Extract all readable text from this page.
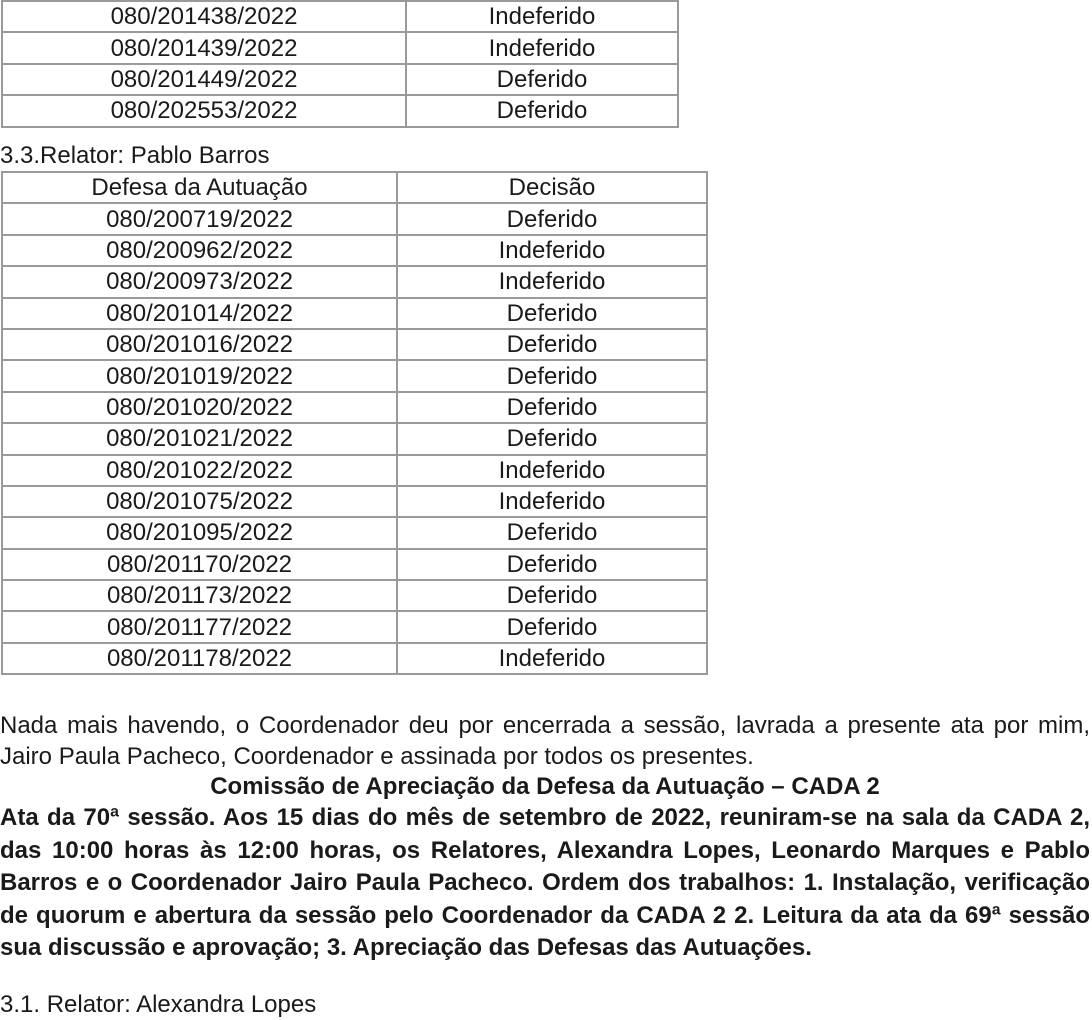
080/201438/2022	Indeferido
080/201439/2022	Indeferido
080/201449/2022	Deferido
080/202553/2022	Deferido
3.3.Relator: Pablo Barros
Defesa da Autuação	Decisão
080/200719/2022	Deferido
080/200962/2022	Indeferido
080/200973/2022	Indeferido
080/201014/2022	Deferido
080/201016/2022	Deferido
080/201019/2022	Deferido
080/201020/2022	Deferido
080/201021/2022	Deferido
080/201022/2022	Indeferido
080/201075/2022	Indeferido
080/201095/2022	Deferido
080/201170/2022	Deferido
080/201173/2022	Deferido
080/201177/2022	Deferido
080/201178/2022	Indeferido
Nada mais havendo, o Coordenador deu por encerrada a sessão, lavrada a presente ata por mim, Jairo Paula Pacheco, Coordenador e assinada por todos os presentes.
Comissão de Apreciação da Defesa da Autuação – CADA 2
Ata da 70ª sessão. Aos 15 dias do mês de setembro de 2022, reuniram-se na sala da CADA 2, das 10:00 horas às 12:00 horas, os Relatores, Alexandra Lopes, Leonardo Marques e Pablo Barros e o Coordenador Jairo Paula Pacheco. Ordem dos trabalhos: 1. Instalação, verificação de quorum e abertura da sessão pelo Coordenador da CADA 2 2. Leitura da ata da 69ª sessão sua discussão e aprovação; 3. Apreciação das Defesas das Autuações.
3.1. Relator: Alexandra Lopes
